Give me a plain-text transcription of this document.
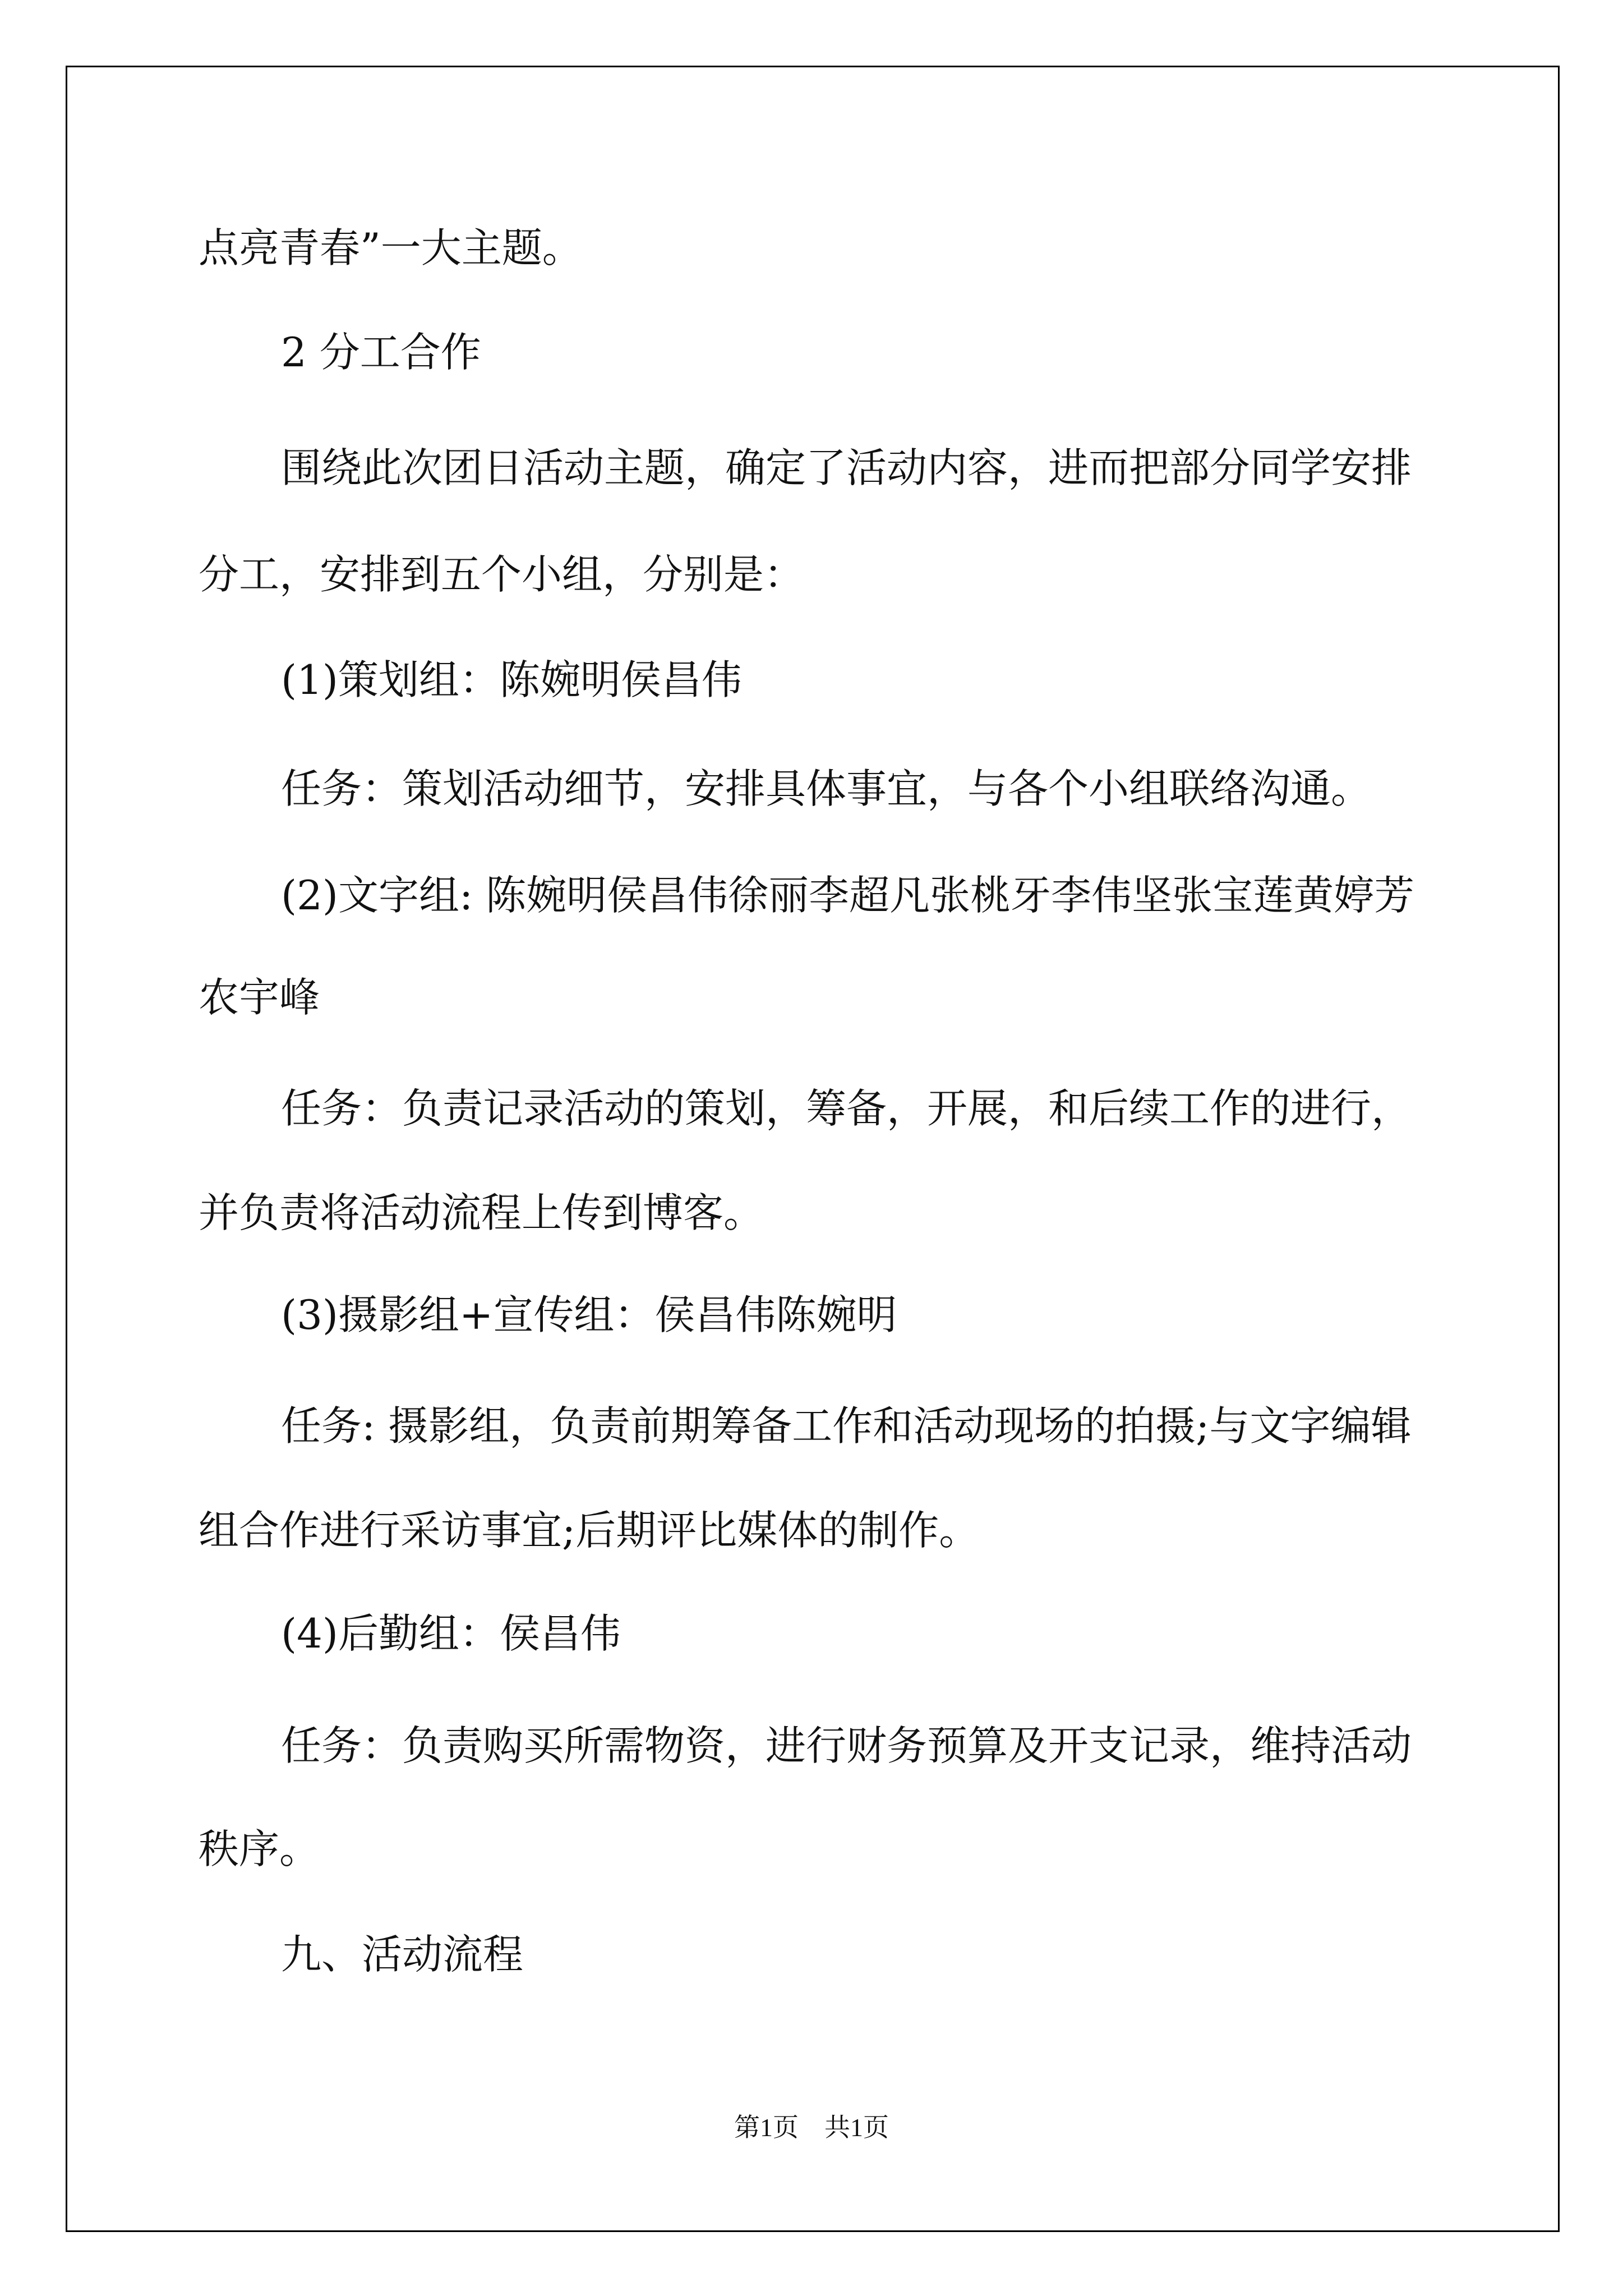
点亮青春”一大主题。
2 分工合作
围绕此次团日活动主题，确定了活动内容，进而把部分同学安排
分工，安排到五个小组，分别是：
(1)策划组：陈婉明侯昌伟
任务：策划活动细节，安排具体事宜，与各个小组联络沟通。
(2)文字组: 陈婉明侯昌伟徐丽李超凡张桃牙李伟坚张宝莲黄婷芳
农宇峰
任务：负责记录活动的策划，筹备，开展，和后续工作的进行，
并负责将活动流程上传到博客。
(3)摄影组+宣传组：侯昌伟陈婉明
任务: 摄影组，负责前期筹备工作和活动现场的拍摄;与文字编辑
组合作进行采访事宜;后期评比媒体的制作。
(4)后勤组：侯昌伟
任务：负责购买所需物资，进行财务预算及开支记录，维持活动
秩序。
九、活动流程
第1页　共1页
